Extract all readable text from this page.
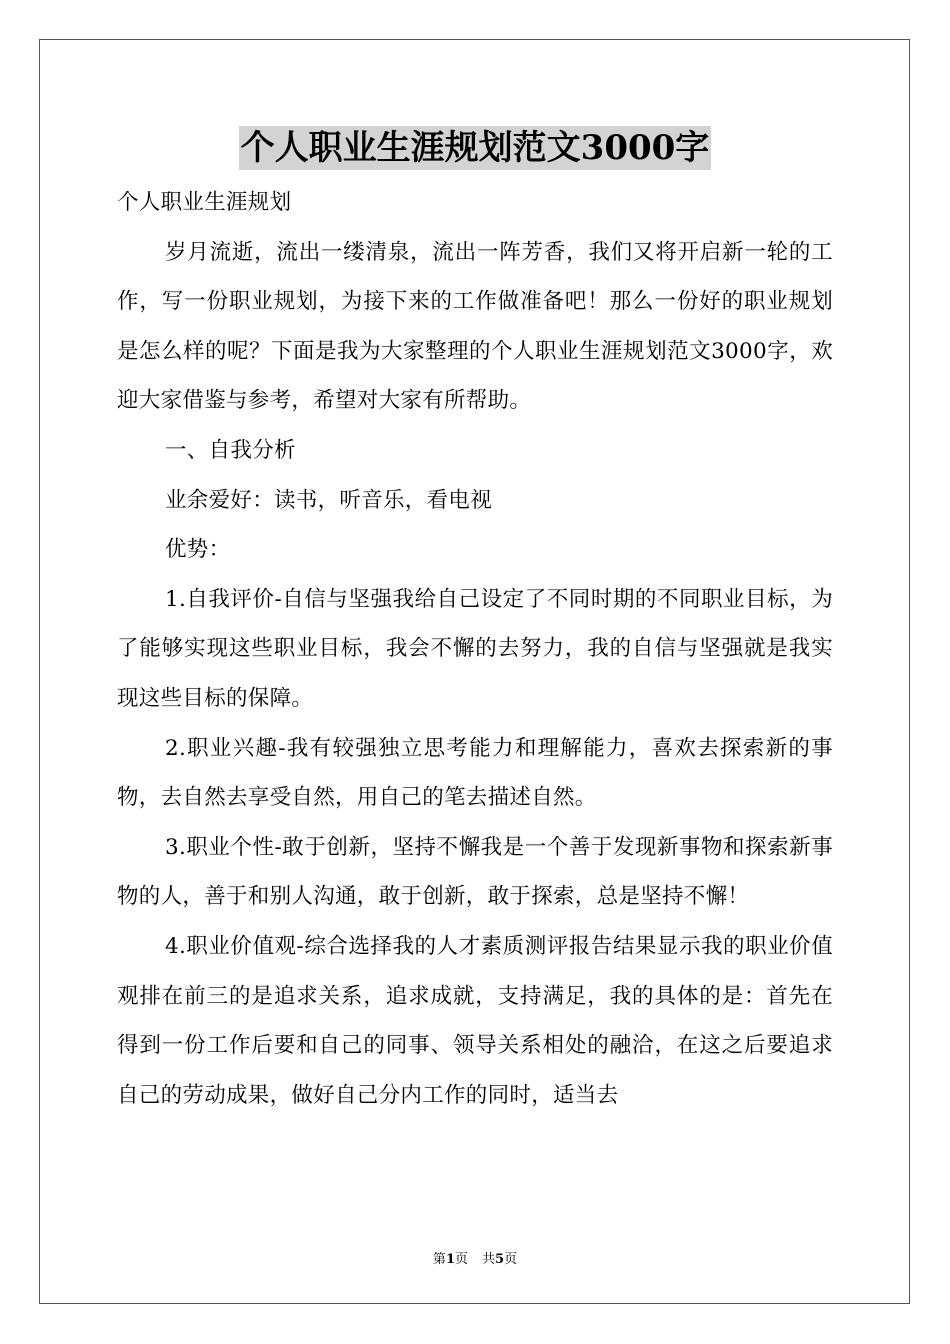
个人职业生涯规划范文3000字

个人职业生涯规划

岁月流逝，流出一缕清泉，流出一阵芳香，我们又将开启新一轮的工作，写一份职业规划，为接下来的工作做准备吧！那么一份好的职业规划是怎么样的呢？下面是我为大家整理的个人职业生涯规划范文3000字，欢迎大家借鉴与参考，希望对大家有所帮助。

一、自我分析

业余爱好：读书，听音乐，看电视

优势：

1.自我评价-自信与坚强我给自己设定了不同时期的不同职业目标，为了能够实现这些职业目标，我会不懈的去努力，我的自信与坚强就是我实现这些目标的保障。

2.职业兴趣-我有较强独立思考能力和理解能力，喜欢去探索新的事物，去自然去享受自然，用自己的笔去描述自然。

3.职业个性-敢于创新，坚持不懈我是一个善于发现新事物和探索新事物的人，善于和别人沟通，敢于创新，敢于探索，总是坚持不懈！

4.职业价值观-综合选择我的人才素质测评报告结果显示我的职业价值观排在前三的是追求关系，追求成就，支持满足，我的具体的是：首先在得到一份工作后要和自己的同事、领导关系相处的融洽，在这之后要追求自己的劳动成果，做好自己分内工作的同时，适当去

第1页 共5页
